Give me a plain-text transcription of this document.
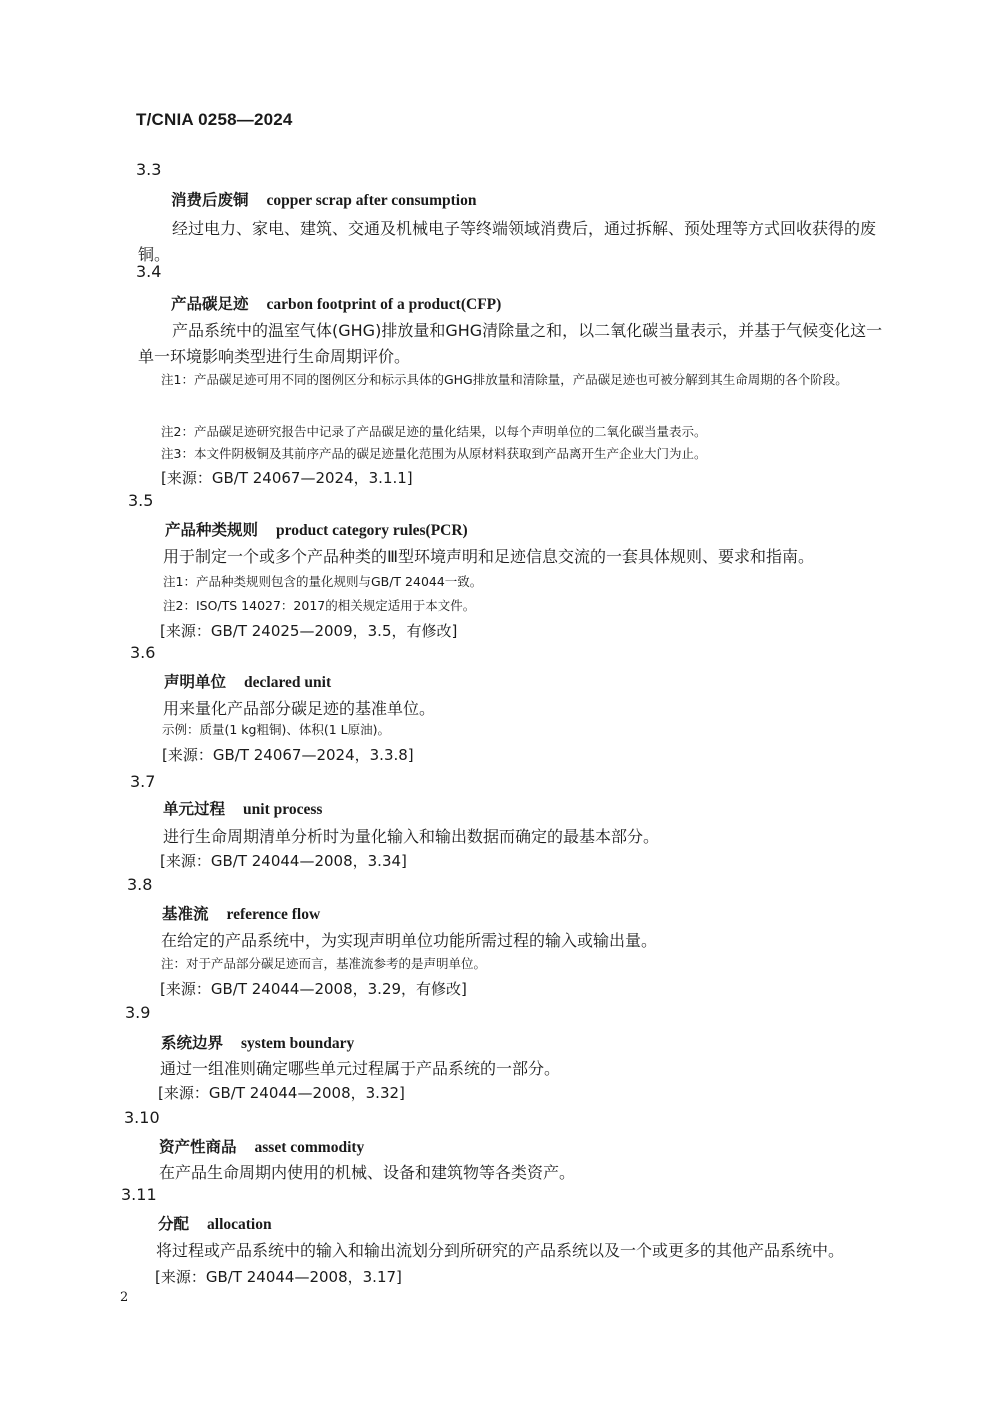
T/CNIA 0258—2024
3.3
消费后废铜 copper scrap after consumption
经过电力、家电、建筑、交通及机械电子等终端领域消费后，通过拆解、预处理等方式回收获得的废铜。
3.4
产品碳足迹 carbon footprint of a product(CFP)
产品系统中的温室气体(GHG)排放量和GHG清除量之和，以二氧化碳当量表示，并基于气候变化这一单一环境影响类型进行生命周期评价。
注1：产品碳足迹可用不同的图例区分和标示具体的GHG排放量和清除量，产品碳足迹也可被分解到其生命周期的各个阶段。
注2：产品碳足迹研究报告中记录了产品碳足迹的量化结果，以每个声明单位的二氧化碳当量表示。
注3：本文件阴极铜及其前序产品的碳足迹量化范围为从原材料获取到产品离开生产企业大门为止。
[来源：GB/T 24067—2024，3.1.1]
3.5
产品种类规则 product category rules(PCR)
用于制定一个或多个产品种类的Ⅲ型环境声明和足迹信息交流的一套具体规则、要求和指南。
注1：产品种类规则包含的量化规则与GB/T 24044一致。
注2：ISO/TS 14027：2017的相关规定适用于本文件。
[来源：GB/T 24025—2009，3.5，有修改]
3.6
声明单位 declared unit
用来量化产品部分碳足迹的基准单位。
示例：质量(1 kg粗铜)、体积(1 L原油)。
[来源：GB/T 24067—2024，3.3.8]
3.7
单元过程 unit process
进行生命周期清单分析时为量化输入和输出数据而确定的最基本部分。
[来源：GB/T 24044—2008，3.34]
3.8
基准流 reference flow
在给定的产品系统中，为实现声明单位功能所需过程的输入或输出量。
注：对于产品部分碳足迹而言，基准流参考的是声明单位。
[来源：GB/T 24044—2008，3.29，有修改]
3.9
系统边界 system boundary
通过一组准则确定哪些单元过程属于产品系统的一部分。
[来源：GB/T 24044—2008，3.32]
3.10
资产性商品 asset commodity
在产品生命周期内使用的机械、设备和建筑物等各类资产。
3.11
分配 allocation
将过程或产品系统中的输入和输出流划分到所研究的产品系统以及一个或更多的其他产品系统中。
[来源：GB/T 24044—2008，3.17]
2
